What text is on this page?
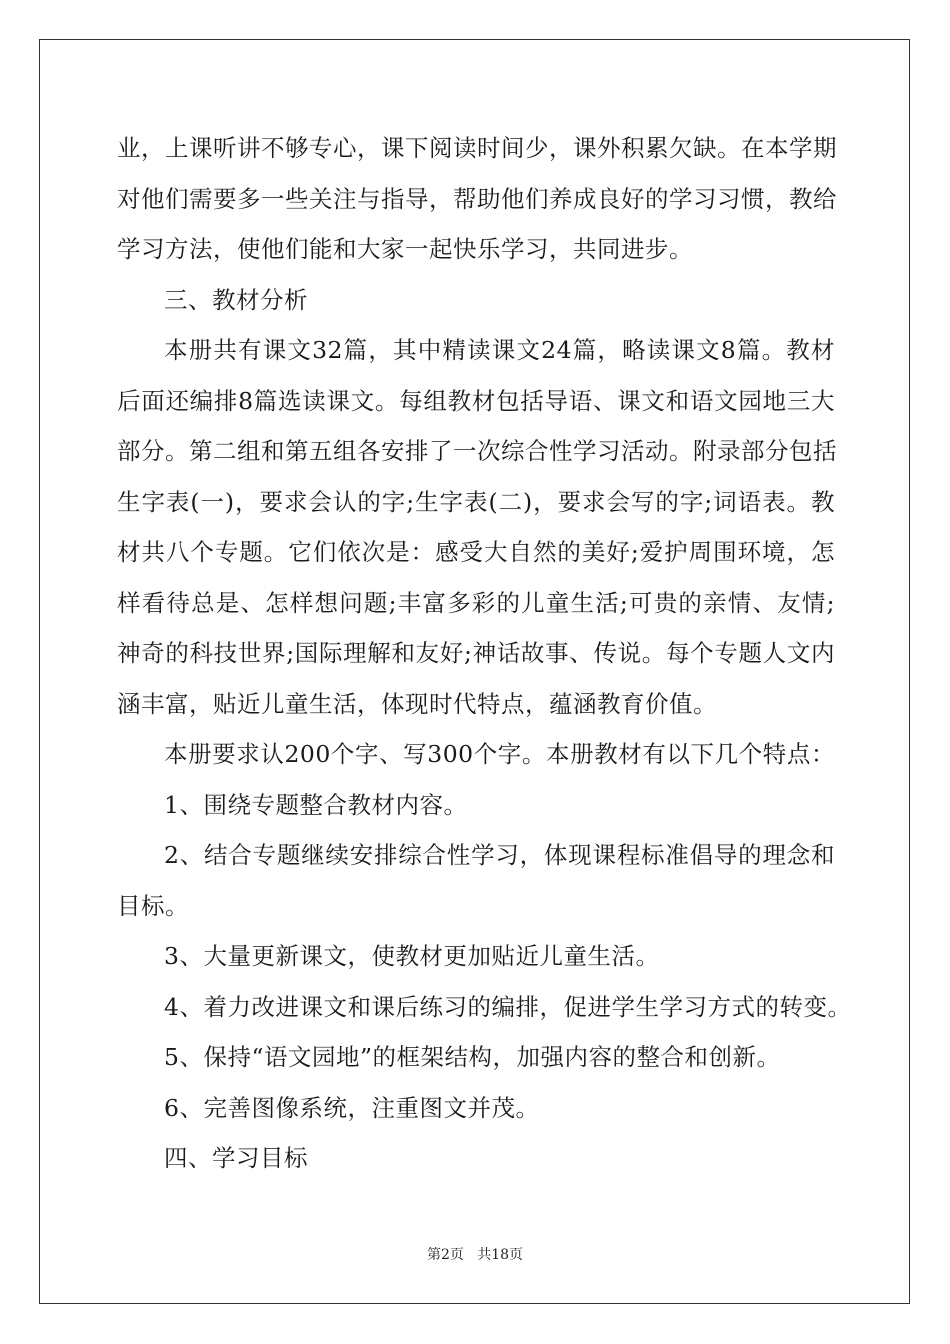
业，上课听讲不够专心，课下阅读时间少，课外积累欠缺。在本学期
对他们需要多一些关注与指导，帮助他们养成良好的学习习惯，教给
学习方法，使他们能和大家一起快乐学习，共同进步。
三、教材分析
本册共有课文32篇，其中精读课文24篇，略读课文8篇。教材
后面还编排8篇选读课文。每组教材包括导语、课文和语文园地三大
部分。第二组和第五组各安排了一次综合性学习活动。附录部分包括
生字表(一)，要求会认的字;生字表(二)，要求会写的字;词语表。教
材共八个专题。它们依次是：感受大自然的美好;爱护周围环境，怎
样看待总是、怎样想问题;丰富多彩的儿童生活;可贵的亲情、友情;
神奇的科技世界;国际理解和友好;神话故事、传说。每个专题人文内
涵丰富，贴近儿童生活，体现时代特点，蕴涵教育价值。
本册要求认200个字、写300个字。本册教材有以下几个特点：
1、围绕专题整合教材内容。
2、结合专题继续安排综合性学习，体现课程标准倡导的理念和
目标。
3、大量更新课文，使教材更加贴近儿童生活。
4、着力改进课文和课后练习的编排，促进学生学习方式的转变。
5、保持“语文园地”的框架结构，加强内容的整合和创新。
6、完善图像系统，注重图文并茂。
四、学习目标
第2页   共18页
